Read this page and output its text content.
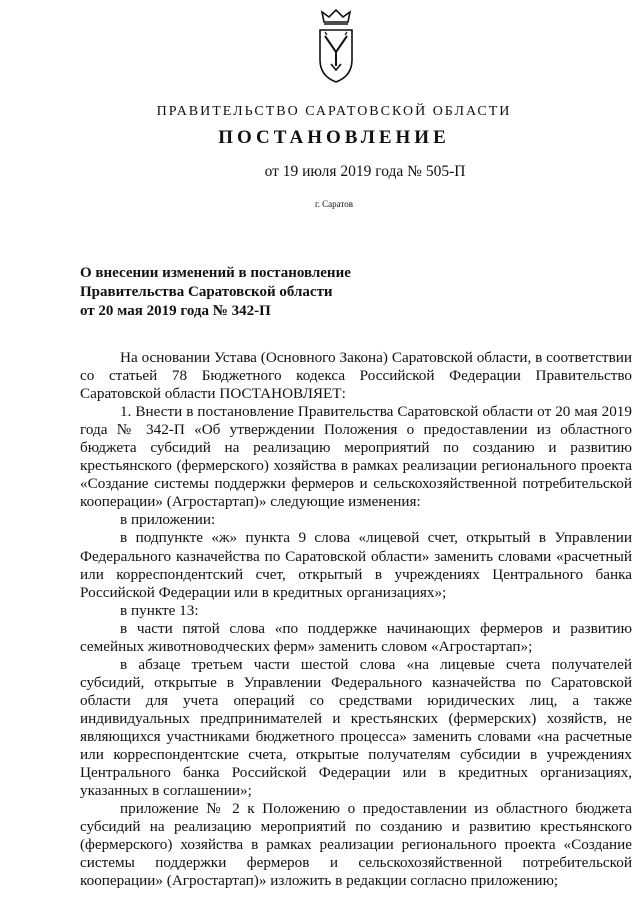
ПРАВИТЕЛЬСТВО САРАТОВСКОЙ ОБЛАСТИ
ПОСТАНОВЛЕНИЕ
от 19 июля 2019 года № 505-П
г. Саратов
О внесении изменений в постановление
Правительства Саратовской области
от 20 мая 2019 года № 342-П

На основании Устава (Основного Закона) Саратовской области, в соответствии со статьей 78 Бюджетного кодекса Российской Федерации Правительство Саратовской области ПОСТАНОВЛЯЕТ:

1. Внести в постановление Правительства Саратовской области от 20 мая 2019 года № 342-П «Об утверждении Положения о предоставлении из областного бюджета субсидий на реализацию мероприятий по созданию и развитию крестьянского (фермерского) хозяйства в рамках реализации регионального проекта «Создание системы поддержки фермеров и сельскохозяйственной потребительской кооперации» (Агростартап)» следующие изменения:

в приложении:

в подпункте «ж» пункта 9 слова «лицевой счет, открытый в Управлении Федерального казначейства по Саратовской области» заменить словами «расчетный или корреспондентский счет, открытый в учреждениях Центрального банка Российской Федерации или в кредитных организациях»;

в пункте 13:

в части пятой слова «по поддержке начинающих фермеров и развитию семейных животноводческих ферм» заменить словом «Агростартап»;

в абзаце третьем части шестой слова «на лицевые счета получателей субсидий, открытые в Управлении Федерального казначейства по Саратовской области для учета операций со средствами юридических лиц, а также индивидуальных предпринимателей и крестьянских (фермерских) хозяйств, не являющихся участниками бюджетного процесса» заменить словами «на расчетные или корреспондентские счета, открытые получателям субсидии в учреждениях Центрального банка Российской Федерации или в кредитных организациях, указанных в соглашении»;

приложение № 2 к Положению о предоставлении из областного бюджета субсидий на реализацию мероприятий по созданию и развитию крестьянского (фермерского) хозяйства в рамках реализации регионального проекта «Создание системы поддержки фермеров и сельскохозяйственной потребительской кооперации» (Агростартап)» изложить в редакции согласно приложению;
